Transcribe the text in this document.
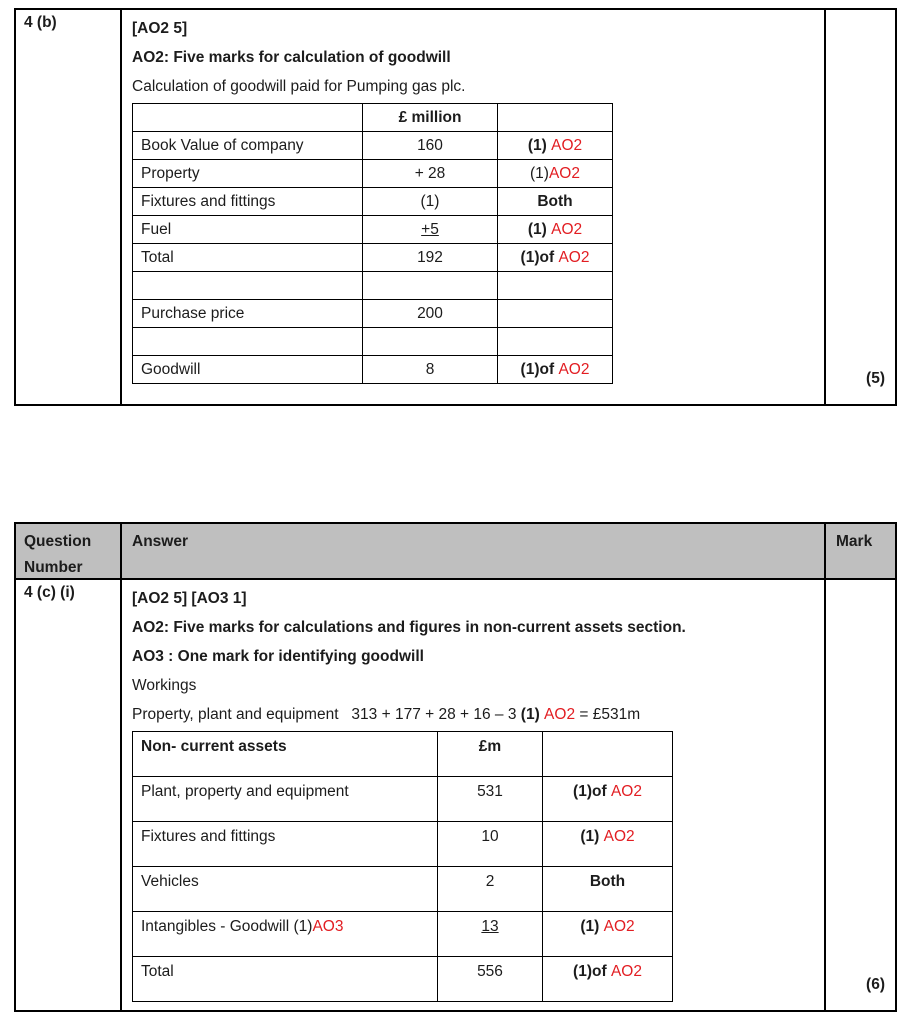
4 (b)	[AO2 5]
AO2: Five marks for calculation of goodwill
Calculation of goodwill paid for Pumping gas plc.
	£ million	
Book Value of company	160	(1) AO2
Property	+ 28	(1)AO2
Fixtures and fittings	(1)	Both
Fuel	+5	(1) AO2
Total	192	(1)of AO2

Purchase price	200	

Goodwill	8	(1)of AO2
(5)
Question Number
Answer	Mark
4 (c) (i)	[AO2 5] [AO3 1]
AO2: Five marks for calculations and figures in non-current assets section.
AO3 : One mark for identifying goodwill
Workings
Property, plant and equipment   313 + 177 + 28 + 16 – 3 (1) AO2 = £531m
Non- current assets	£m	
Plant, property and equipment	531	(1)of AO2
Fixtures and fittings	10	(1) AO2
Vehicles	2	Both
Intangibles - Goodwill (1)AO3	13	(1) AO2
Total	556	(1)of AO2
(6)
